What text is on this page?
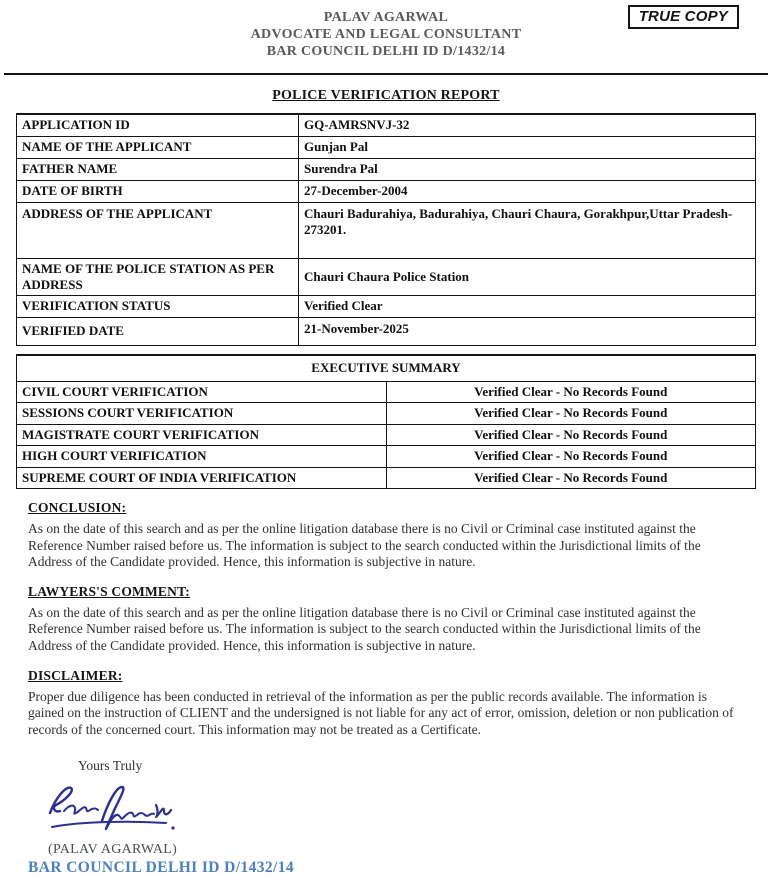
PALAV AGARWAL
ADVOCATE AND LEGAL CONSULTANT
BAR COUNCIL DELHI ID D/1432/14
TRUE COPY
POLICE VERIFICATION REPORT
APPLICATION ID	GQ-AMRSNVJ-32
NAME OF THE APPLICANT	Gunjan Pal
FATHER NAME	Surendra Pal
DATE OF BIRTH	27-December-2004
ADDRESS OF THE APPLICANT	Chauri Badurahiya, Badurahiya, Chauri Chaura, Gorakhpur,Uttar Pradesh-273201.
NAME OF THE POLICE STATION AS PER ADDRESS	Chauri Chaura Police Station
VERIFICATION STATUS	Verified Clear
VERIFIED DATE	21-November-2025
EXECUTIVE SUMMARY	
CIVIL COURT VERIFICATION	Verified Clear - No Records Found
SESSIONS COURT VERIFICATION	Verified Clear - No Records Found
MAGISTRATE COURT VERIFICATION	Verified Clear - No Records Found
HIGH COURT VERIFICATION	Verified Clear - No Records Found
SUPREME COURT OF INDIA VERIFICATION	Verified Clear - No Records Found
CONCLUSION:
As on the date of this search and as per the online litigation database there is no Civil or Criminal case instituted against the Reference Number raised before us. The information is subject to the search conducted within the Jurisdictional limits of the Address of the Candidate provided. Hence, this information is subjective in nature.
LAWYERS'S COMMENT:
As on the date of this search and as per the online litigation database there is no Civil or Criminal case instituted against the Reference Number raised before us. The information is subject to the search conducted within the Jurisdictional limits of the Address of the Candidate provided. Hence, this information is subjective in nature.
DISCLAIMER:
Proper due diligence has been conducted in retrieval of the information as per the public records available. The information is gained on the instruction of CLIENT and the undersigned is not liable for any act of error, omission, deletion or non publication of records of the concerned court. This information may not be treated as a Certificate.
Yours Truly
(PALAV AGARWAL)
BAR COUNCIL DELHI ID D/1432/14
